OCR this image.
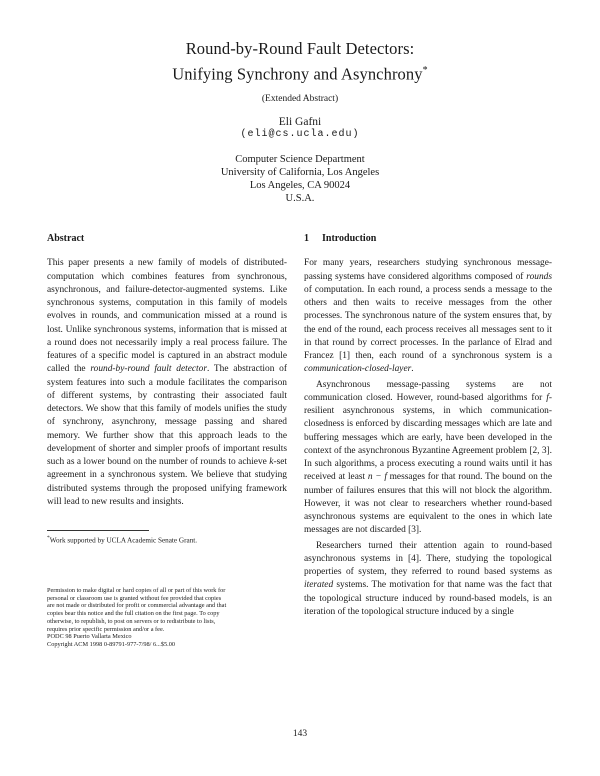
Round-by-Round Fault Detectors:
Unifying Synchrony and Asynchrony*
(Extended Abstract)
Eli Gafni
(eli@cs.ucla.edu)
Computer Science Department
University of California, Los Angeles
Los Angeles, CA 90024
U.S.A.
Abstract

This paper presents a new family of models of distributed-computation which combines features from synchronous, asynchronous, and failure-detector-augmented systems. Like synchronous systems, computation in this family of models evolves in rounds, and communication missed at a round is lost. Unlike synchronous systems, information that is missed at a round does not necessarily imply a real process failure. The features of a specific model is captured in an abstract module called the round-by-round fault detector. The abstraction of system features into such a module facilitates the comparison of different systems, by contrasting their associated fault detectors. We show that this family of models unifies the study of synchrony, asynchrony, message passing and shared memory. We further show that this approach leads to the development of shorter and simpler proofs of important results such as a lower bound on the number of rounds to achieve k-set agreement in a synchronous system. We believe that studying distributed systems through the proposed unifying framework will lead to new results and insights.

*Work supported by UCLA Academic Senate Grant.
Permission to make digital or hard copies of all or part of this work for
personal or classroom use is granted without fee provided that copies
are not made or distributed for profit or commercial advantage and that
copies bear this notice and the full citation on the first page. To copy
otherwise, to republish, to post on servers or to redistribute to lists,
requires prior specific permission and/or a fee.
PODC 98 Puerto Vallarta Mexico
Copyright ACM 1998 0-89791-977-7/98/ 6...$5.00
1 Introduction

For many years, researchers studying synchronous message-passing systems have considered algorithms composed of rounds of computation. In each round, a process sends a message to the others and then waits to receive messages from the other processes. The synchronous nature of the system ensures that, by the end of the round, each process receives all messages sent to it in that round by correct processes. In the parlance of Elrad and Francez [1] then, each round of a synchronous system is a communication-closed-layer.

Asynchronous message-passing systems are not communication closed. However, round-based algorithms for f-resilient asynchronous systems, in which communication-closedness is enforced by discarding messages which are late and buffering messages which are early, have been developed in the context of the asynchronous Byzantine Agreement problem [2, 3]. In such algorithms, a process executing a round waits until it has received at least n − f messages for that round. The bound on the number of failures ensures that this will not block the algorithm. However, it was not clear to researchers whether round-based asynchronous systems are equivalent to the ones in which late messages are not discarded [3].

Researchers turned their attention again to round-based asynchronous systems in [4]. There, studying the topological properties of system, they referred to round based systems as iterated systems. The motivation for that name was the fact that the topological structure induced by round-based models, is an iteration of the topological structure induced by a single

143
